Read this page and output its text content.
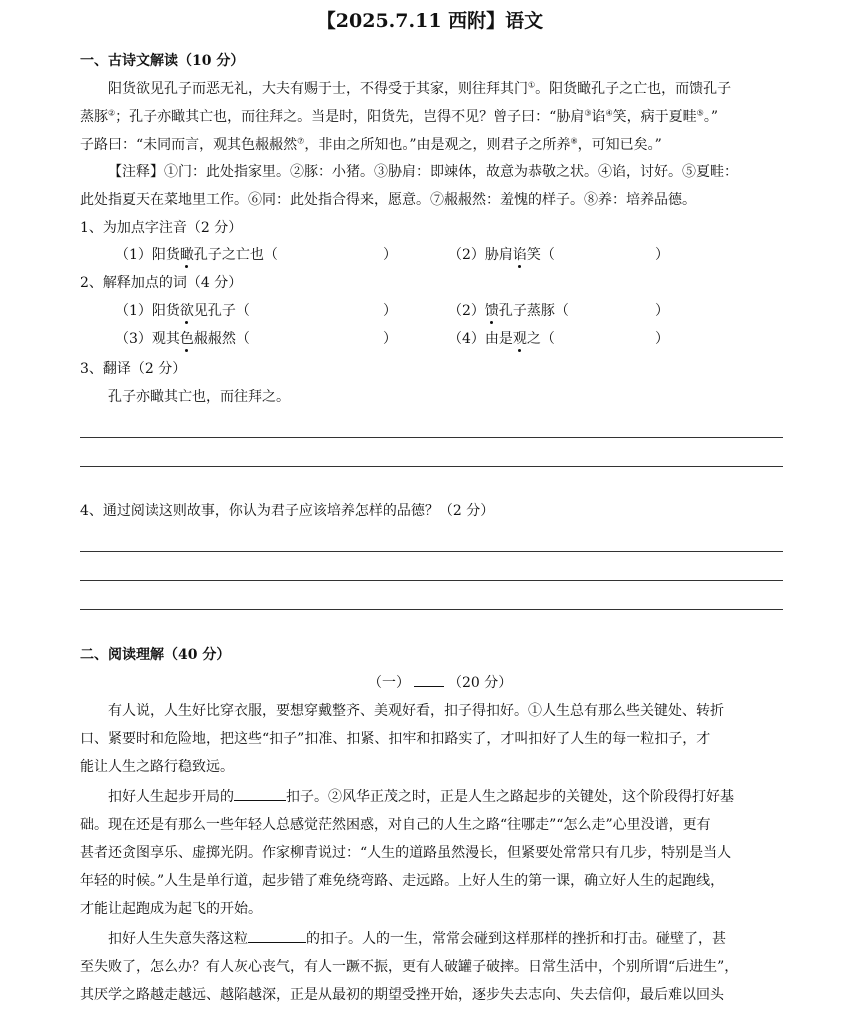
【2025.7.11 西附】语文
一、古诗文解读（10 分）
阳货欲见孔子而恶无礼，大夫有赐于士，不得受于其家，则往拜其门①。阳货瞰孔子之亡也，而馈孔子
蒸豚②；孔子亦瞰其亡也，而往拜之。当是时，阳货先，岂得不见？曾子曰：“胁肩③谄④笑，病于夏畦⑤。”
子路曰：“未同而言，观其色赧赧然⑦，非由之所知也。”由是观之，则君子之所养⑧，可知已矣。”
【注释】①门：此处指家里。②豚：小猪。③胁肩：即竦体，故意为恭敬之状。④谄，讨好。⑤夏畦：
此处指夏天在菜地里工作。⑥同：此处指合得来，愿意。⑦赧赧然：羞愧的样子。⑧养：培养品德。
1、为加点字注音（2 分）
（1）阳货瞰孔子之亡也（	）	（2）胁肩谄笑（	）
2、解释加点的词（4 分）
（1）阳货欲见孔子（	）	（2）馈孔子蒸豚（	）
（3）观其色赧赧然（	）	（4）由是观之（	）
3、翻译（2 分）
孔子亦瞰其亡也，而往拜之。
4、通过阅读这则故事，你认为君子应该培养怎样的品德？（2 分）
二、阅读理解（40 分）
（一）	（20 分）
有人说，人生好比穿衣服，要想穿戴整齐、美观好看，扣子得扣好。①人生总有那么些关键处、转折
口、紧要时和危险地，把这些“扣子”扣准、扣紧、扣牢和扣路实了，才叫扣好了人生的每一粒扣子，才
能让人生之路行稳致远。
扣好人生起步开局的	扣子。②风华正茂之时，正是人生之路起步的关键处，这个阶段得打好基
础。现在还是有那么一些年轻人总感觉茫然困惑，对自己的人生之路“往哪走”“怎么走”心里没谱，更有
甚者还贪图享乐、虚掷光阴。作家柳青说过：“人生的道路虽然漫长，但紧要处常常只有几步，特别是当人
年轻的时候。”人生是单行道，起步错了难免绕弯路、走远路。上好人生的第一课，确立好人生的起跑线，
才能让起跑成为起飞的开始。
扣好人生失意失落这粒	的扣子。人的一生，常常会碰到这样那样的挫折和打击。碰壁了，甚
至失败了，怎么办？有人灰心丧气，有人一蹶不振，更有人破罐子破摔。日常生活中，个别所谓“后进生”，
其厌学之路越走越远、越陷越深，正是从最初的期望受挫开始，逐步失去志向、失去信仰，最后难以回头
